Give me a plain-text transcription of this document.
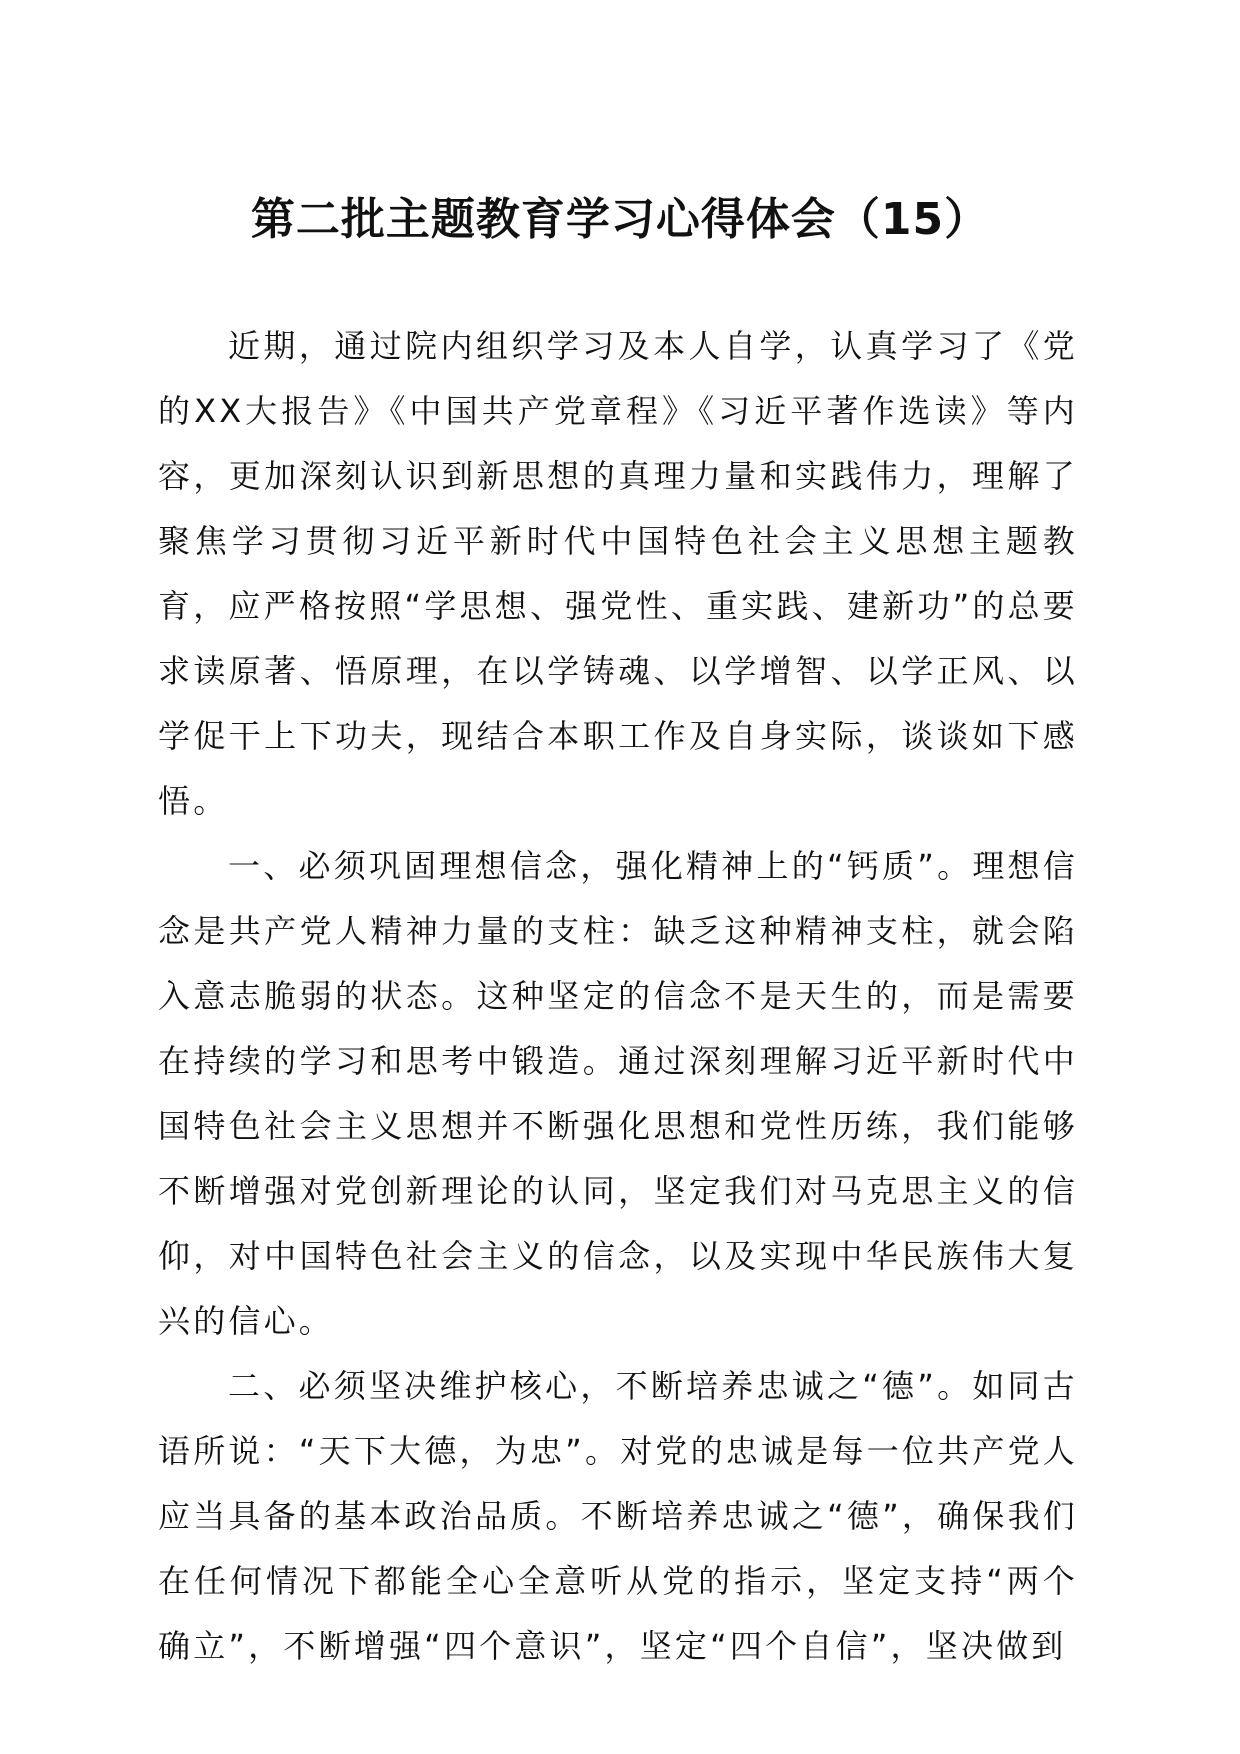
第二批主题教育学习心得体会（15）

近期，通过院内组织学习及本人自学，认真学习了《党的XX大报告》《中国共产党章程》《习近平著作选读》等内容，更加深刻认识到新思想的真理力量和实践伟力，理解了聚焦学习贯彻习近平新时代中国特色社会主义思想主题教育，应严格按照“学思想、强党性、重实践、建新功”的总要求读原著、悟原理，在以学铸魂、以学增智、以学正风、以学促干上下功夫，现结合本职工作及自身实际，谈谈如下感悟。

一、必须巩固理想信念，强化精神上的“钙质”。理想信念是共产党人精神力量的支柱：缺乏这种精神支柱，就会陷入意志脆弱的状态。这种坚定的信念不是天生的，而是需要在持续的学习和思考中锻造。通过深刻理解习近平新时代中国特色社会主义思想并不断强化思想和党性历练，我们能够不断增强对党创新理论的认同，坚定我们对马克思主义的信仰，对中国特色社会主义的信念，以及实现中华民族伟大复兴的信心。

二、必须坚决维护核心，不断培养忠诚之“德”。如同古语所说：“天下大德，为忠”。对党的忠诚是每一位共产党人应当具备的基本政治品质。不断培养忠诚之“德”，确保我们在任何情况下都能全心全意听从党的指示，坚定支持“两个确立”，不断增强“四个意识”，坚定“四个自信”，坚决做到
